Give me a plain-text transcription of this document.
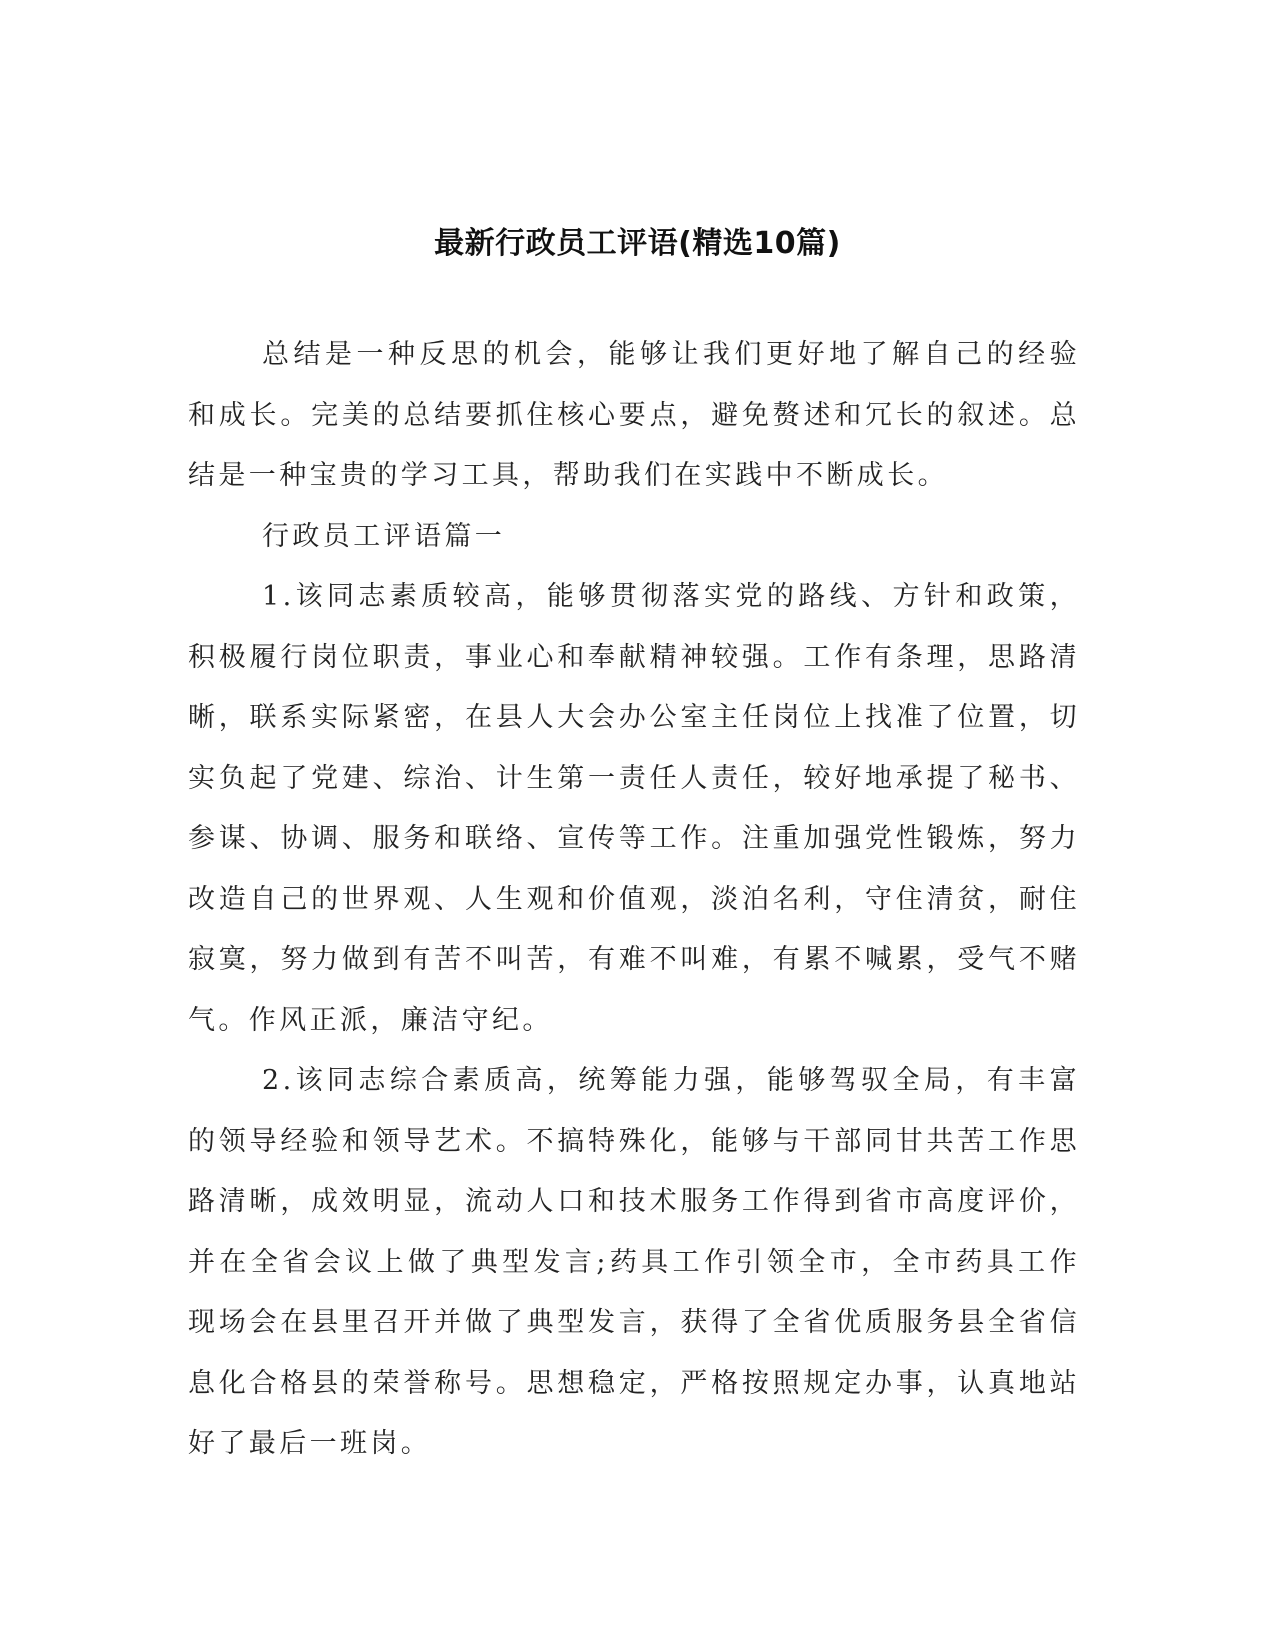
最新行政员工评语(精选10篇)

总结是一种反思的机会，能够让我们更好地了解自己的经验和成长。完美的总结要抓住核心要点，避免赘述和冗长的叙述。总结是一种宝贵的学习工具，帮助我们在实践中不断成长。

行政员工评语篇一

1.该同志素质较高，能够贯彻落实党的路线、方针和政策，积极履行岗位职责，事业心和奉献精神较强。工作有条理，思路清晰，联系实际紧密，在县人大会办公室主任岗位上找准了位置，切实负起了党建、综治、计生第一责任人责任，较好地承提了秘书、参谋、协调、服务和联络、宣传等工作。注重加强党性锻炼，努力改造自己的世界观、人生观和价值观，淡泊名利，守住清贫，耐住寂寞，努力做到有苦不叫苦，有难不叫难，有累不喊累，受气不赌气。作风正派，廉洁守纪。

2.该同志综合素质高，统筹能力强，能够驾驭全局，有丰富的领导经验和领导艺术。不搞特殊化，能够与干部同甘共苦工作思路清晰，成效明显，流动人口和技术服务工作得到省市高度评价，并在全省会议上做了典型发言;药具工作引领全市，全市药具工作现场会在县里召开并做了典型发言，获得了全省优质服务县全省信息化合格县的荣誉称号。思想稳定，严格按照规定办事，认真地站好了最后一班岗。
